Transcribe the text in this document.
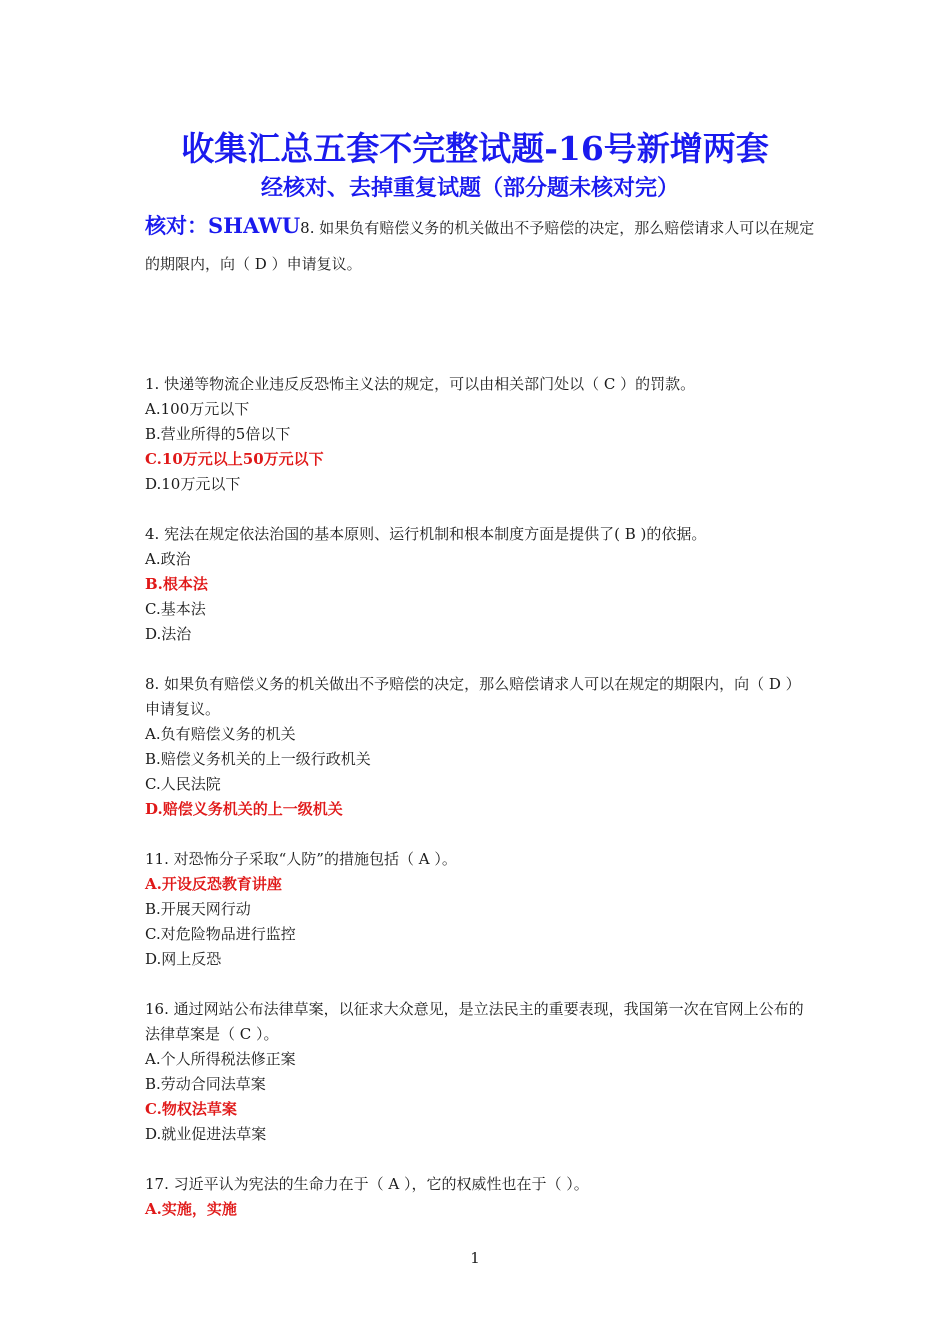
收集汇总五套不完整试题-16号新增两套
经核对、去掉重复试题（部分题未核对完）
核对：SHAWU8. 如果负有赔偿义务的机关做出不予赔偿的决定，那么赔偿请求人可以在规定的期限内，向（ D ）申请复议。
1. 快递等物流企业违反反恐怖主义法的规定，可以由相关部门处以（ C ）的罚款。
A.100万元以下
B.营业所得的5倍以下
C.10万元以上50万元以下
D.10万元以下
4. 宪法在规定依法治国的基本原则、运行机制和根本制度方面是提供了( B )的依据。
A.政治
B.根本法
C.基本法
D.法治
8. 如果负有赔偿义务的机关做出不予赔偿的决定，那么赔偿请求人可以在规定的期限内，向（ D ）申请复议。
A.负有赔偿义务的机关
B.赔偿义务机关的上一级行政机关
C.人民法院
D.赔偿义务机关的上一级机关
11. 对恐怖分子采取“人防”的措施包括（ A ）。
A.开设反恐教育讲座
B.开展天网行动
C.对危险物品进行监控
D.网上反恐
16. 通过网站公布法律草案，以征求大众意见，是立法民主的重要表现，我国第一次在官网上公布的法律草案是（ C ）。
A.个人所得税法修正案
B.劳动合同法草案
C.物权法草案
D.就业促进法草案
17. 习近平认为宪法的生命力在于（ A ），它的权威性也在于（ ）。
A.实施，实施
1
